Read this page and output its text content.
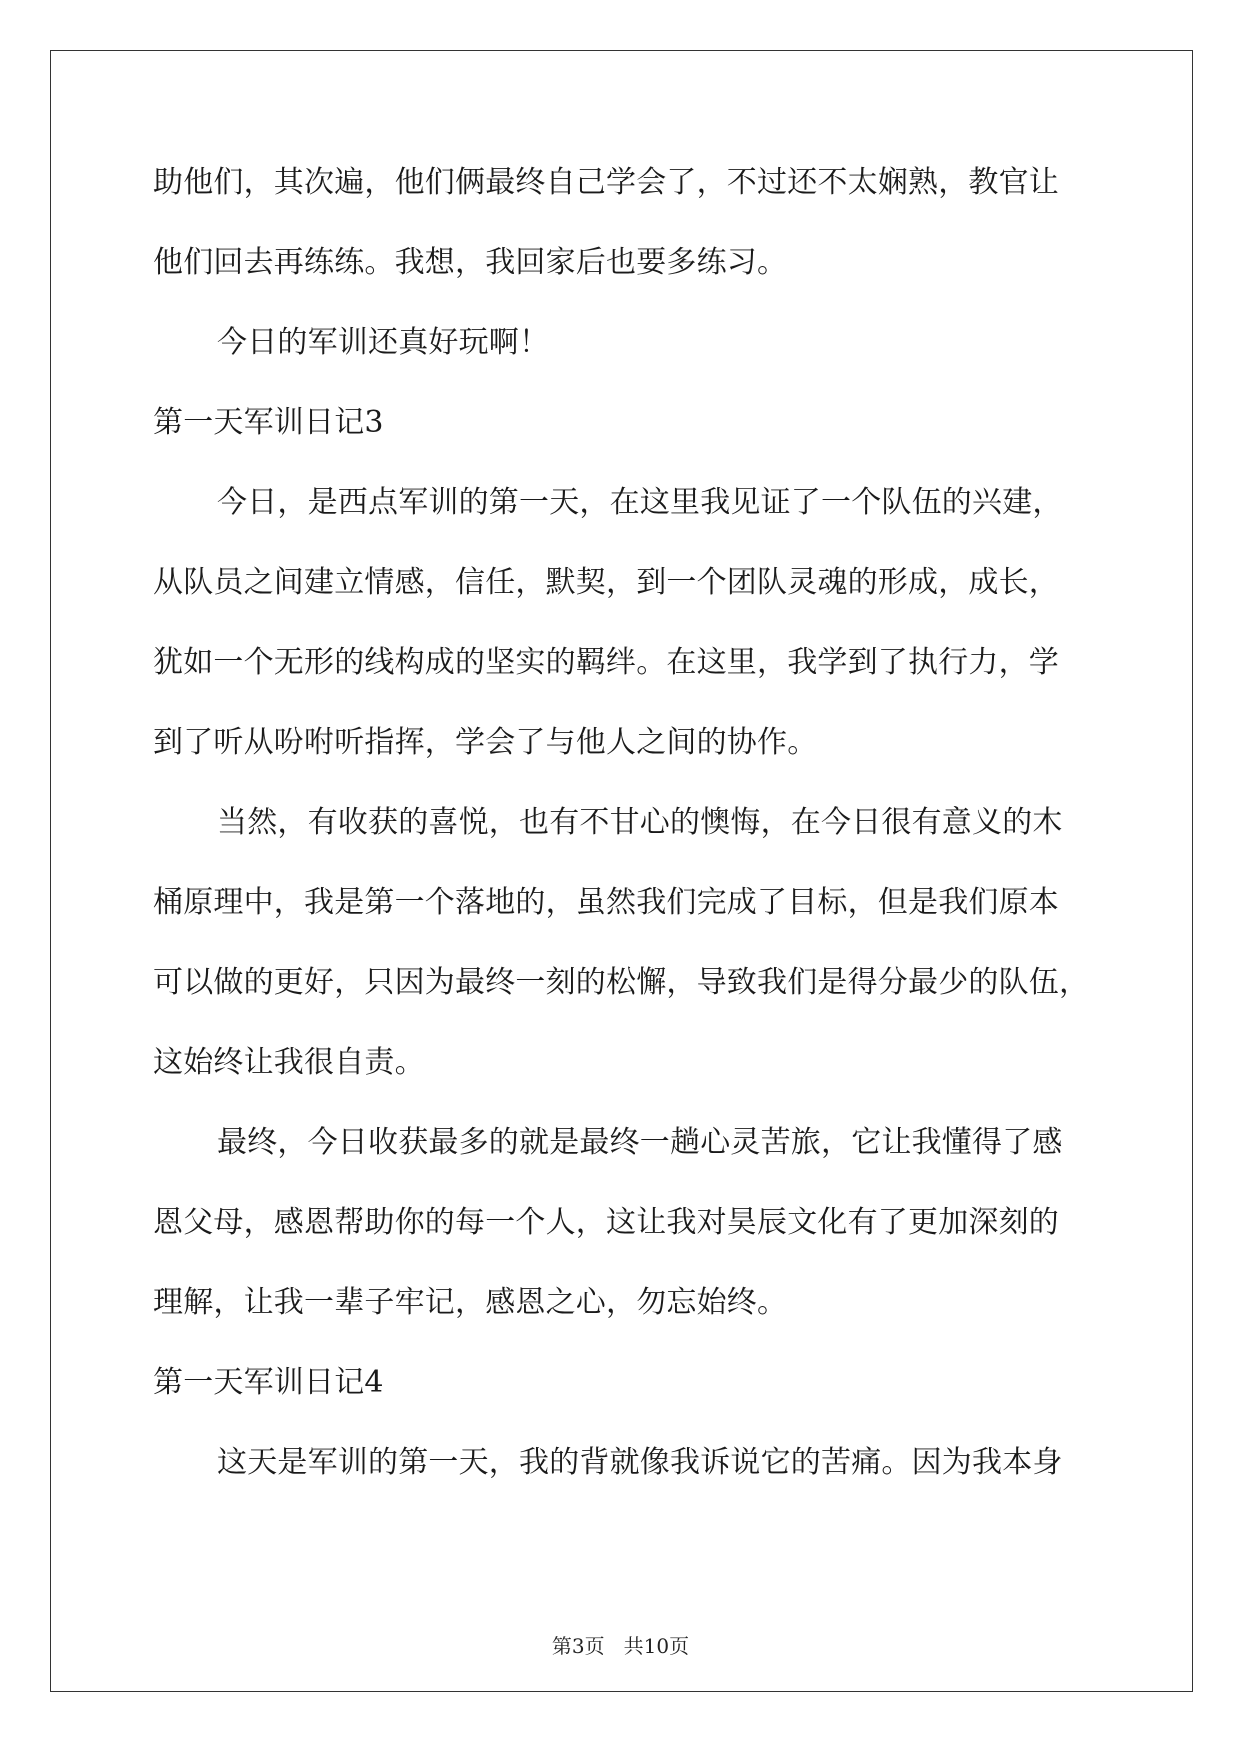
助他们，其次遍，他们俩最终自己学会了，不过还不太娴熟，教官让
他们回去再练练。我想，我回家后也要多练习。
今日的军训还真好玩啊！
第一天军训日记3
今日，是西点军训的第一天，在这里我见证了一个队伍的兴建，
从队员之间建立情感，信任，默契，到一个团队灵魂的形成，成长，
犹如一个无形的线构成的坚实的羁绊。在这里，我学到了执行力，学
到了听从吩咐听指挥，学会了与他人之间的协作。
当然，有收获的喜悦，也有不甘心的懊悔，在今日很有意义的木
桶原理中，我是第一个落地的，虽然我们完成了目标，但是我们原本
可以做的更好，只因为最终一刻的松懈，导致我们是得分最少的队伍，
这始终让我很自责。
最终，今日收获最多的就是最终一趟心灵苦旅，它让我懂得了感
恩父母，感恩帮助你的每一个人，这让我对昊辰文化有了更加深刻的
理解，让我一辈子牢记，感恩之心，勿忘始终。
第一天军训日记4
这天是军训的第一天，我的背就像我诉说它的苦痛。因为我本身
第3页 共10页
